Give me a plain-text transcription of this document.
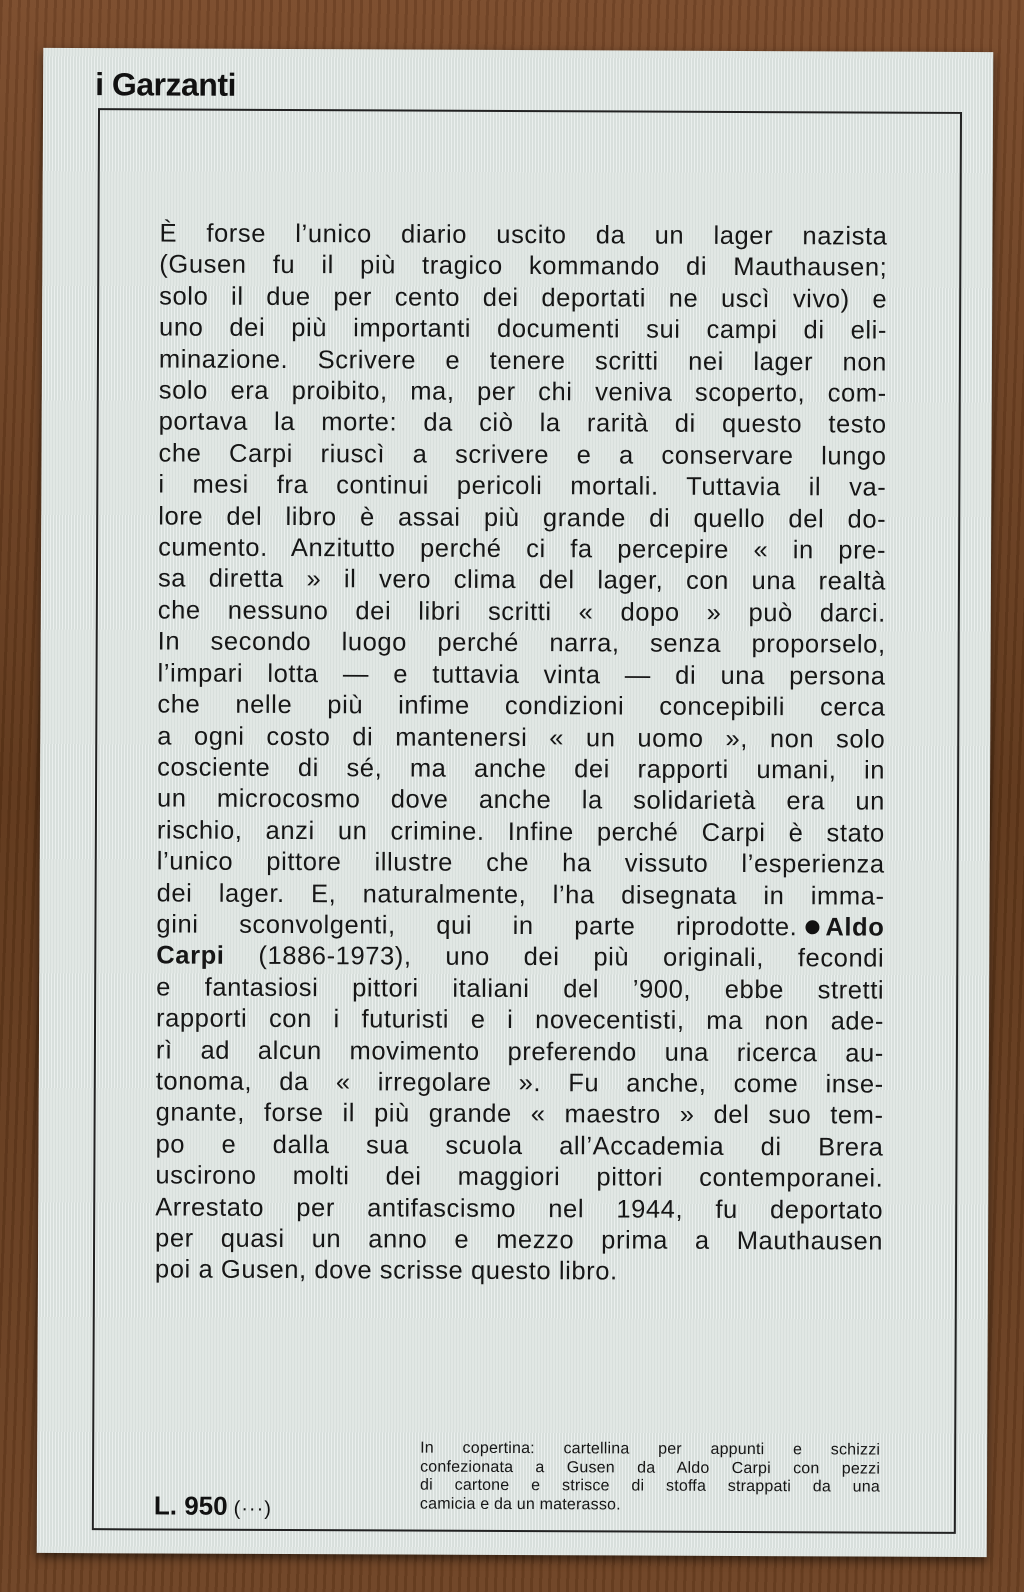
i Garzanti
È forse l’unico diario uscito da un lager nazista
(Gusen fu il più tragico kommando di Mauthausen;
solo il due per cento dei deportati ne uscì vivo) e
uno dei più importanti documenti sui campi di eli-
minazione. Scrivere e tenere scritti nei lager non
solo era proibito, ma, per chi veniva scoperto, com-
portava la morte: da ciò la rarità di questo testo
che Carpi riuscì a scrivere e a conservare lungo
i mesi fra continui pericoli mortali. Tuttavia il va-
lore del libro è assai più grande di quello del do-
cumento. Anzitutto perché ci fa percepire « in pre-
sa diretta » il vero clima del lager, con una realtà
che nessuno dei libri scritti « dopo » può darci.
In secondo luogo perché narra, senza proporselo,
l’impari lotta — e tuttavia vinta — di una persona
che nelle più infime condizioni concepibili cerca
a ogni costo di mantenersi « un uomo », non solo
cosciente di sé, ma anche dei rapporti umani, in
un microcosmo dove anche la solidarietà era un
rischio, anzi un crimine. Infine perché Carpi è stato
l’unico pittore illustre che ha vissuto l’esperienza
dei lager. E, naturalmente, l’ha disegnata in imma-
gini sconvolgenti, qui in parte riprodotte. Aldo
Carpi (1886-1973), uno dei più originali, fecondi
e fantasiosi pittori italiani del ’900, ebbe stretti
rapporti con i futuristi e i novecentisti, ma non ade-
rì ad alcun movimento preferendo una ricerca au-
tonoma, da « irregolare ». Fu anche, come inse-
gnante, forse il più grande « maestro » del suo tem-
po e dalla sua scuola all’Accademia di Brera
uscirono molti dei maggiori pittori contemporanei.
Arrestato per antifascismo nel 1944, fu deportato
per quasi un anno e mezzo prima a Mauthausen
poi a Gusen, dove scrisse questo libro.
L. 950 (···)
In copertina: cartellina per appunti e schizzi
confezionata a Gusen da Aldo Carpi con pezzi
di cartone e strisce di stoffa strappati da una
camicia e da un materasso.
